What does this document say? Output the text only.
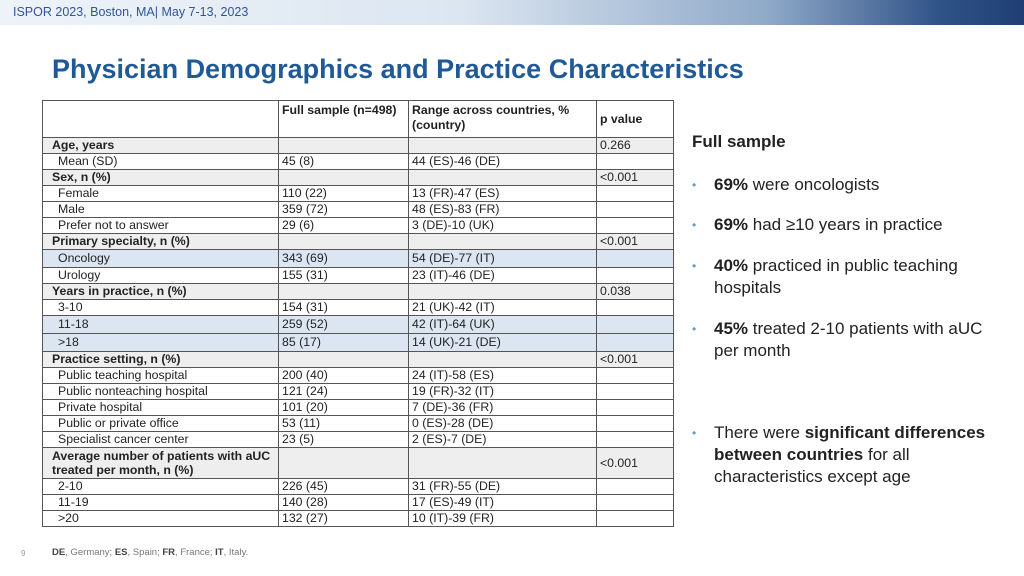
ISPOR 2023, Boston, MA| May 7-13, 2023
Physician Demographics and Practice Characteristics
	Full sample (n=498)	Range across countries, % (country)	p value
Age, years			0.266
Mean (SD)	45 (8)	44 (ES)-46 (DE)	
Sex, n (%)			<0.001
Female	110 (22)	13 (FR)-47 (ES)	
Male	359 (72)	48 (ES)-83 (FR)	
Prefer not to answer	29 (6)	3 (DE)-10 (UK)	
Primary specialty, n (%)			<0.001
Oncology	343 (69)	54 (DE)-77 (IT)	
Urology	155 (31)	23 (IT)-46 (DE)	
Years in practice, n (%)			0.038
3-10	154 (31)	21 (UK)-42 (IT)	
11-18	259 (52)	42 (IT)-64 (UK)	
>18	85 (17)	14 (UK)-21 (DE)	
Practice setting, n (%)			<0.001
Public teaching hospital	200 (40)	24 (IT)-58 (ES)	
Public nonteaching hospital	121 (24)	19 (FR)-32 (IT)	
Private hospital	101 (20)	7 (DE)-36 (FR)	
Public or private office	53 (11)	0 (ES)-28 (DE)	
Specialist cancer center	23 (5)	2 (ES)-7 (DE)	
Average number of patients with aUC treated per month, n (%)			<0.001
2-10	226 (45)	31 (FR)-55 (DE)	
11-19	140 (28)	17 (ES)-49 (IT)	
>20	132 (27)	10 (IT)-39 (FR)	
Full sample
• 69% were oncologists
• 69% had ≥10 years in practice
• 40% practiced in public teaching hospitals
• 45% treated 2-10 patients with aUC per month
• There were significant differences between countries for all characteristics except age
9	DE, Germany; ES, Spain; FR, France; IT, Italy.
